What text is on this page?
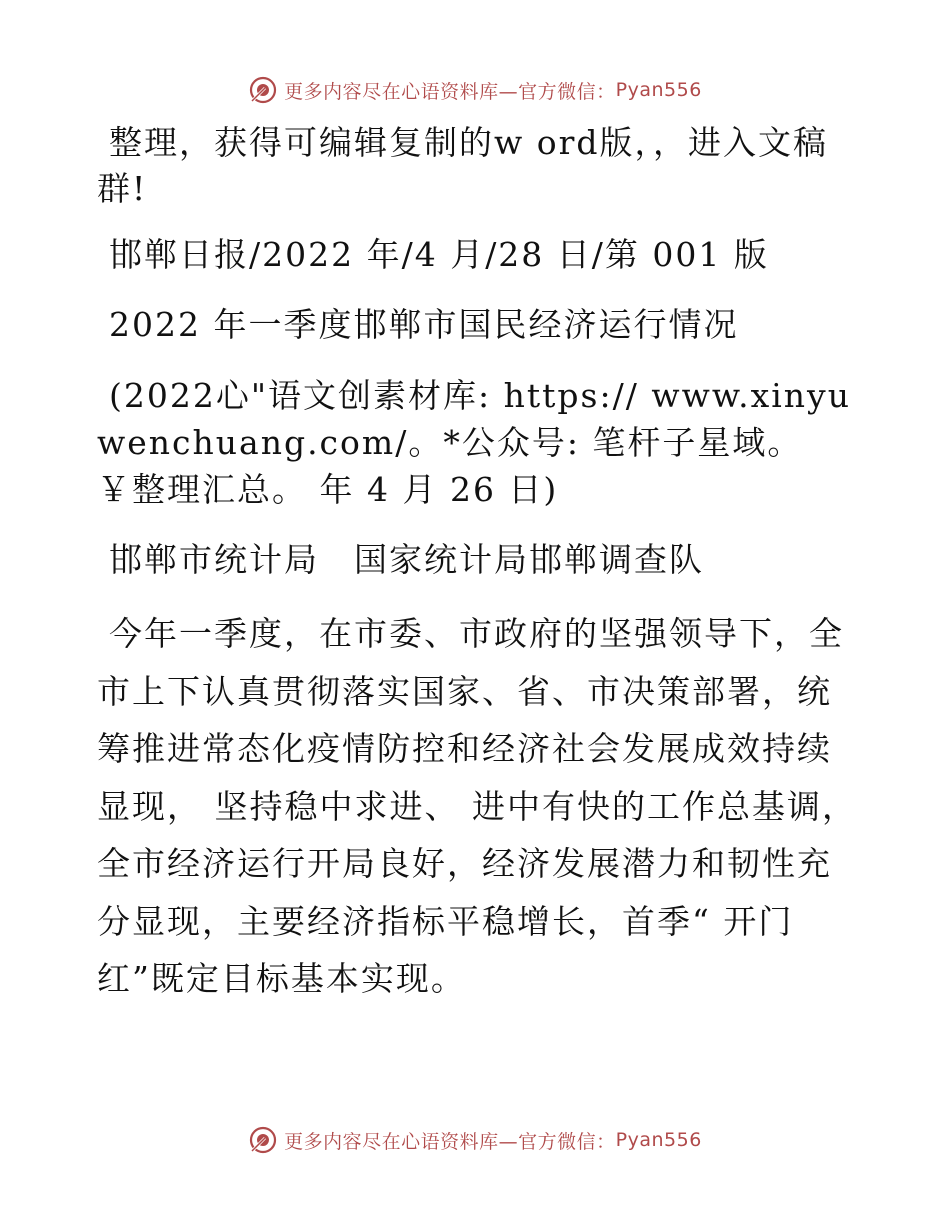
更多内容尽在心语资料库—官方微信： Pyan556

整理，获得可编辑复制的w ord版，，进入文稿群!

邯郸日报/2022 年/4 月/28 日/第 001 版

2022 年一季度邯郸市国民经济运行情况

(2022心"语文创素材库: https:// www.xinyuwenchuang.com/。*公众号: 笔杆子星域。￥整理汇总。 年 4 月 26 日)

邯郸市统计局　国家统计局邯郸调查队

今年一季度，在市委、市政府的坚强领导下，全市上下认真贯彻落实国家、省、市决策部署，统筹推进常态化疫情防控和经济社会发展成效持续显现， 坚持稳中求进、 进中有快的工作总基调，全市经济运行开局良好，经济发展潜力和韧性充分显现，主要经济指标平稳增长，首季“ 开门红”既定目标基本实现。

更多内容尽在心语资料库—官方微信： Pyan556
